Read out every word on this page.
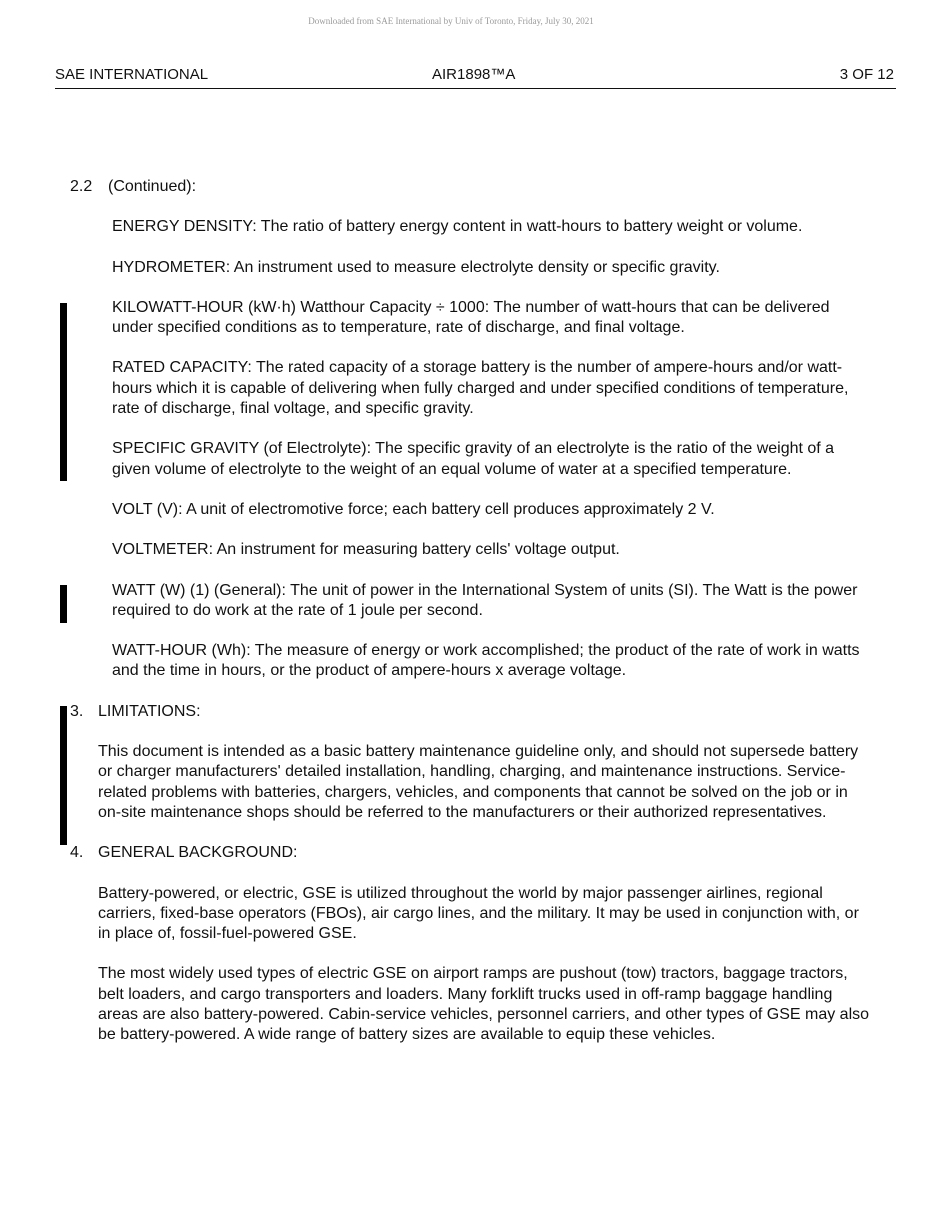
Downloaded from SAE International by Univ of Toronto, Friday, July 30, 2021
SAE INTERNATIONAL	AIR1898™A	3 OF 12

2.2 (Continued):

ENERGY DENSITY: The ratio of battery energy content in watt-hours to battery weight or volume.

HYDROMETER: An instrument used to measure electrolyte density or specific gravity.

KILOWATT-HOUR (kW·h) Watthour Capacity ÷ 1000: The number of watt-hours that can be delivered under specified conditions as to temperature, rate of discharge, and final voltage.

RATED CAPACITY: The rated capacity of a storage battery is the number of ampere-hours and/or watt-hours which it is capable of delivering when fully charged and under specified conditions of temperature, rate of discharge, final voltage, and specific gravity.

SPECIFIC GRAVITY (of Electrolyte): The specific gravity of an electrolyte is the ratio of the weight of a given volume of electrolyte to the weight of an equal volume of water at a specified temperature.

VOLT (V): A unit of electromotive force; each battery cell produces approximately 2 V.

VOLTMETER: An instrument for measuring battery cells' voltage output.

WATT (W) (1) (General): The unit of power in the International System of units (SI). The Watt is the power required to do work at the rate of 1 joule per second.

WATT-HOUR (Wh): The measure of energy or work accomplished; the product of the rate of work in watts and the time in hours, or the product of ampere-hours x average voltage.

3. LIMITATIONS:

This document is intended as a basic battery maintenance guideline only, and should not supersede battery or charger manufacturers' detailed installation, handling, charging, and maintenance instructions. Service-related problems with batteries, chargers, vehicles, and components that cannot be solved on the job or in on-site maintenance shops should be referred to the manufacturers or their authorized representatives.

4. GENERAL BACKGROUND:

Battery-powered, or electric, GSE is utilized throughout the world by major passenger airlines, regional carriers, fixed-base operators (FBOs), air cargo lines, and the military. It may be used in conjunction with, or in place of, fossil-fuel-powered GSE.

The most widely used types of electric GSE on airport ramps are pushout (tow) tractors, baggage tractors, belt loaders, and cargo transporters and loaders. Many forklift trucks used in off-ramp baggage handling areas are also battery-powered. Cabin-service vehicles, personnel carriers, and other types of GSE may also be battery-powered. A wide range of battery sizes are available to equip these vehicles.
